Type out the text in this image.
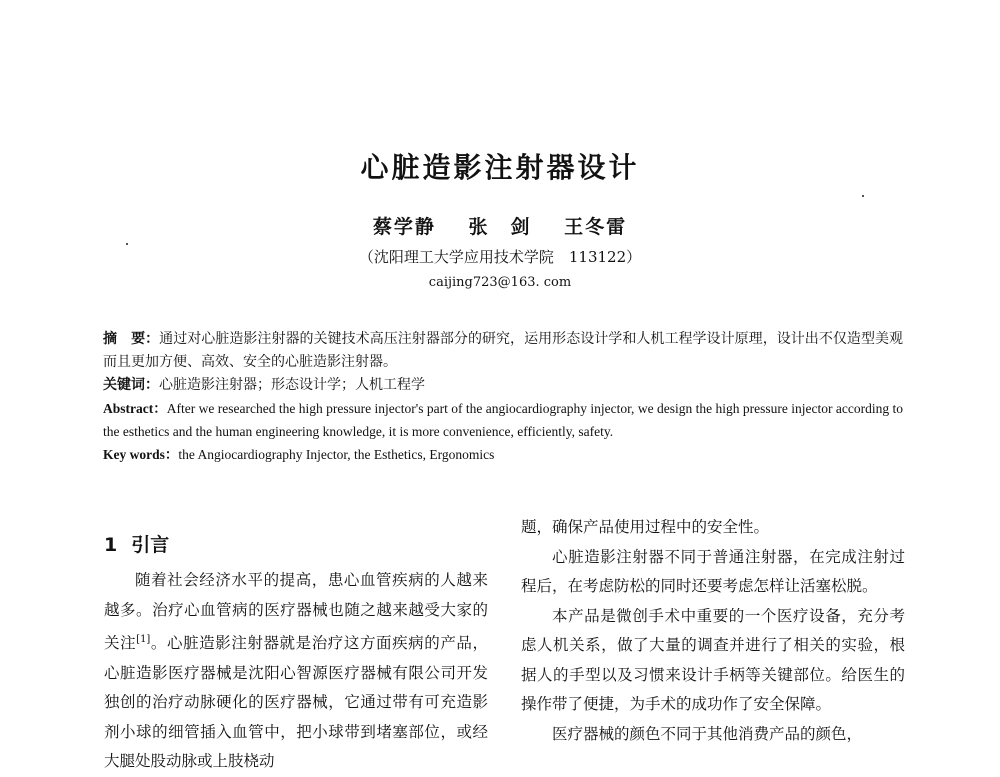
心脏造影注射器设计
蔡学静 张　剑 王冬雷
（沈阳理工大学应用技术学院　113122）
caijing723@163. com

摘　要：通过对心脏造影注射器的关键技术高压注射器部分的研究，运用形态设计学和人机工程学设计原理，设计出不仅造型美观而且更加方便、高效、安全的心脏造影注射器。

关键词：心脏造影注射器；形态设计学；人机工程学

Abstract：After we researched the high pressure injector's part of the angiocardiography injector, we design the high pressure injector according to the esthetics and the human engineering knowledge, it is more convenience, efficiently, safety.

Key words：the Angiocardiography Injector, the Esthetics, Ergonomics

1 引言

随着社会经济水平的提高，患心血管疾病的人越来越多。治疗心血管病的医疗器械也随之越来越受大家的关注[1]。心脏造影注射器就是治疗这方面疾病的产品，心脏造影医疗器械是沈阳心智源医疗器械有限公司开发独创的治疗动脉硬化的医疗器械，它通过带有可充造影剂小球的细管插入血管中，把小球带到堵塞部位，或经大腿处股动脉或上肢桡动

题，确保产品使用过程中的安全性。

心脏造影注射器不同于普通注射器，在完成注射过程后，在考虑防松的同时还要考虑怎样让活塞松脱。

本产品是微创手术中重要的一个医疗设备，充分考虑人机关系，做了大量的调查并进行了相关的实验，根据人的手型以及习惯来设计手柄等关键部位。给医生的操作带了便捷，为手术的成功作了安全保障。

医疗器械的颜色不同于其他消费产品的颜色，
